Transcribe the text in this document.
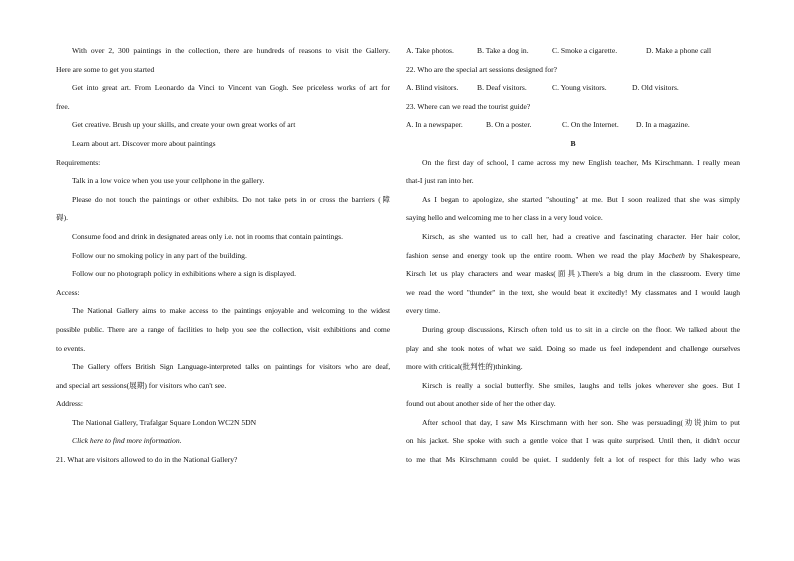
With over 2, 300 paintings in the collection, there are hundreds of reasons to visit the Gallery.
Here are some to get you started
Get into great art. From Leonardo da Vinci to Vincent van Gogh. See priceless works of art for
free.
Get creative. Brush up your skills, and create your own great works of art
Learn about art. Discover more about paintings
Requirements:
Talk in a low voice when you use your cellphone in the gallery.
Please do not touch the paintings or other exhibits. Do not take pets in or cross the barriers (障
碍).
Consume food and drink in designated areas only i.e. not in rooms that contain paintings.
Follow our no smoking policy in any part of the building.
Follow our no photograph policy in exhibitions where a sign is displayed.
Access:
The National Gallery aims to make access to the paintings enjoyable and welcoming to the widest
possible public. There are a range of facilities to help you see the collection, visit exhibitions and come
to events.
The Gallery offers British Sign Language-interpreted talks on paintings for visitors who are deaf,
and special art sessions(展期) for visitors who can't see.
Address:
The National Gallery, Trafalgar Square London WC2N 5DN
Click here to find more information.
21. What are visitors allowed to do in the National Gallery?
A. Take photos.	B. Take a dog in.	C. Smoke a cigarette.	D. Make a phone call
22. Who are the special art sessions designed for?
A. Blind visitors.	B. Deaf visitors.	C. Young visitors.	D. Old visitors.
23. Where can we read the tourist guide?
A. In a newspaper.	B. On a poster.	C. On the Internet.	D. In a magazine.
B
On the first day of school, I came across my new English teacher, Ms Kirschmann. I really mean
that-I just ran into her.
As I began to apologize, she started "shouting" at me. But I soon realized that she was simply
saying hello and welcoming me to her class in a very loud voice.
Kirsch, as she wanted us to call her, had a creative and fascinating character. Her hair color,
fashion sense and energy took up the entire room. When we read the play Macbeth by Shakespeare,
Kirsch let us play characters and wear masks(面具).There's a big drum in the classroom. Every time
we read the word "thunder" in the text, she would beat it excitedly! My classmates and I would laugh
every time.
During group discussions, Kirsch often told us to sit in a circle on the floor. We talked about the
play and she took notes of what we said. Doing so made us feel independent and challenge ourselves
more with critical(批判性的)thinking.
Kirsch is really a social butterfly. She smiles, laughs and tells jokes wherever she goes. But I
found out about another side of her the other day.
After school that day, I saw Ms Kirschmann with her son. She was persuading(劝说)him to put
on his jacket. She spoke with such a gentle voice that I was quite surprised. Until then, it didn't occur
to me that Ms Kirschmann could be quiet. I suddenly felt a lot of respect for this lady who was
